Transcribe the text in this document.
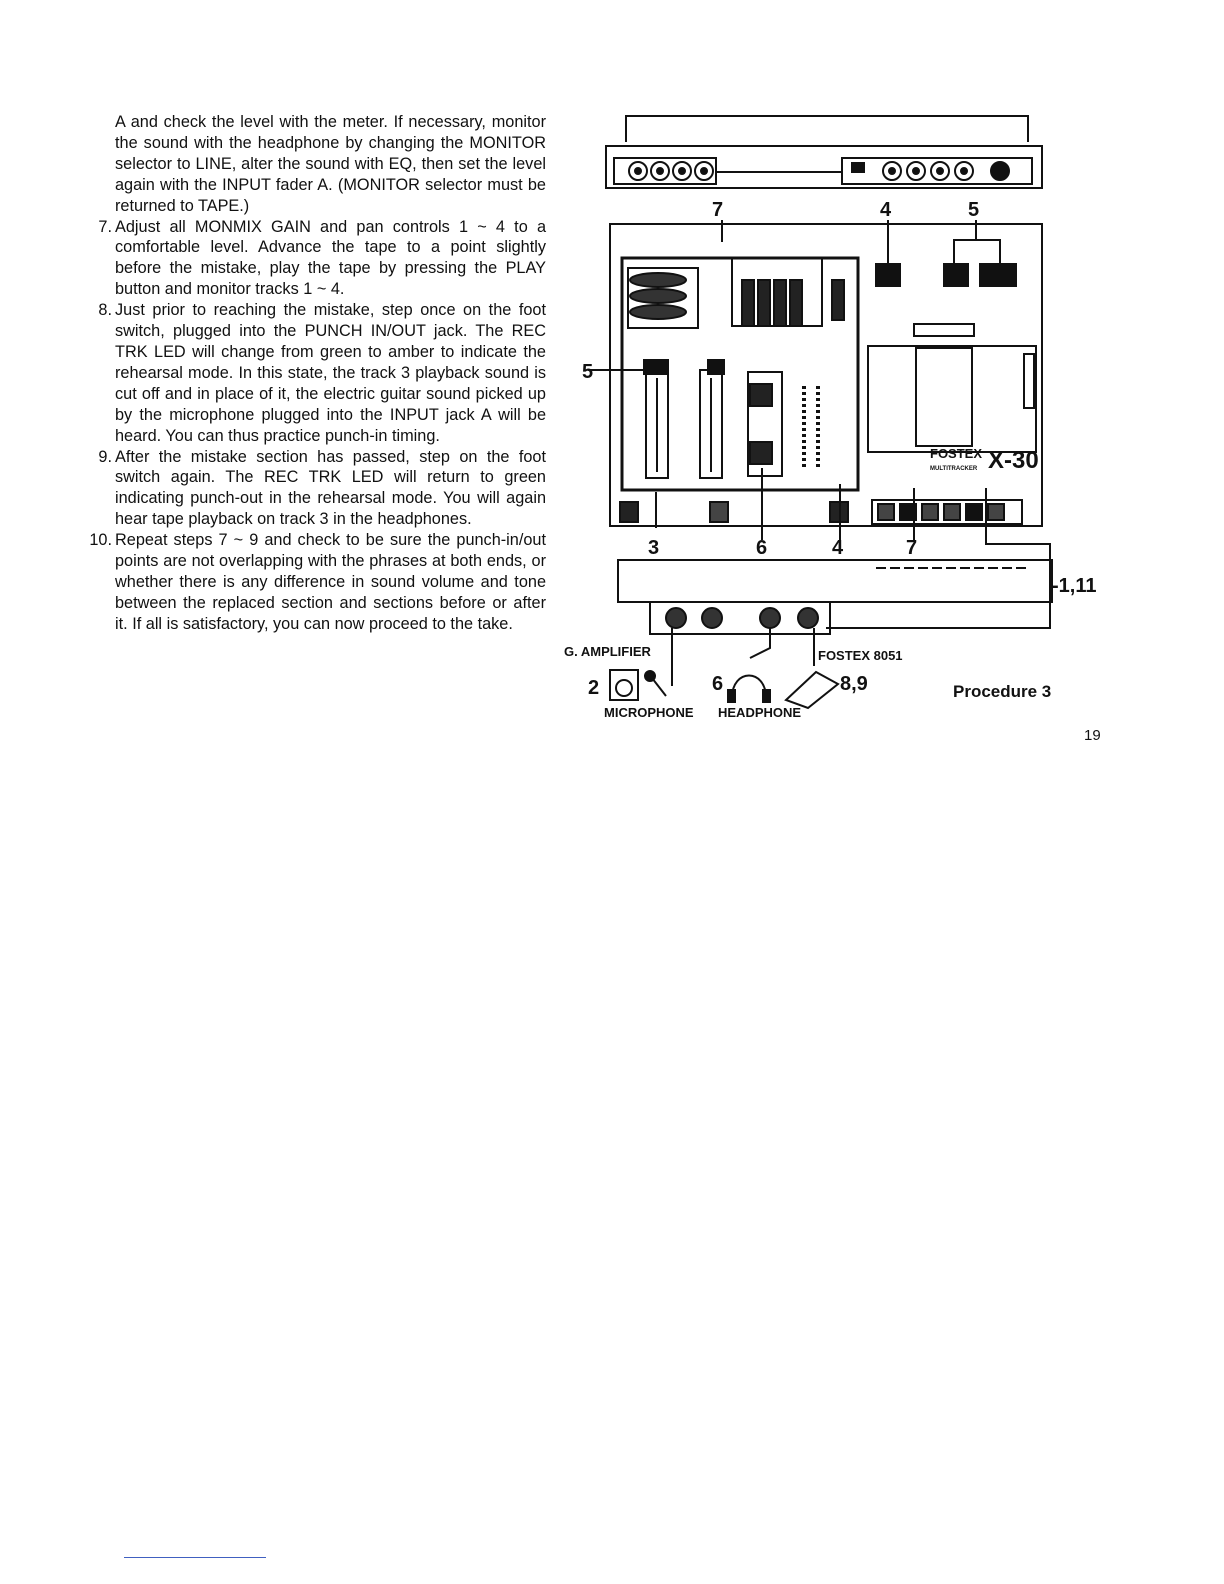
A and check the level with the meter. If necessary, monitor the sound with the headphone by changing the MONITOR selector to LINE, alter the sound with EQ, then set the level again with the INPUT fader A. (MONITOR selector must be returned to TAPE.)

7. Adjust all MONMIX GAIN and pan controls 1 ~ 4 to a comfortable level. Advance the tape to a point slightly before the mistake, play the tape by pressing the PLAY button and monitor tracks 1 ~ 4.

8. Just prior to reaching the mistake, step once on the foot switch, plugged into the PUNCH IN/OUT jack. The REC TRK LED will change from green to amber to indicate the rehearsal mode. In this state, the track 3 playback sound is cut off and in place of it, the electric guitar sound picked up by the microphone plugged into the INPUT jack A will be heard. You can thus practice punch-in timing.

9. After the mistake section has passed, step on the foot switch again. The REC TRK LED will return to green indicating punch-out in the rehearsal mode. You will again hear tape playback on track 3 in the headphones.

10. Repeat steps 7 ~ 9 and check to be sure the punch-in/out points are not overlapping with the phrases at both ends, or whether there is any difference in sound volume and tone between the replaced section and sections before or after it. If all is satisfactory, you can now proceed to the take.

7	4	5
5
3	6	4	7
-1,11
2	6	8,9
FOSTEX X-30
MULTITRACKER
G. AMPLIFIER	FOSTEX 8051
MICROPHONE HEADPHONE
Procedure 3
19
